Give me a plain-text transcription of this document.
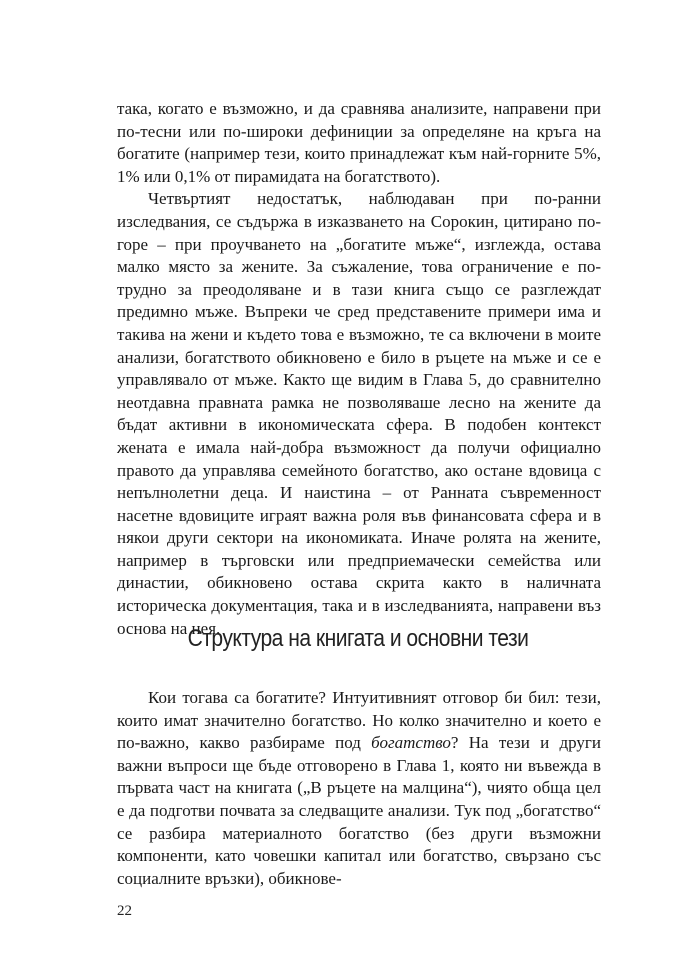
така, когато е възможно, и да сравнява анализите, направени при по-тесни или по-широки дефиниции за определяне на кръга на богатите (например тези, които принадлежат към най-горните 5%, 1% или 0,1% от пирамидата на богатството).

Четвъртият недостатък, наблюдаван при по-ранни изследвания, се съдържа в изказването на Сорокин, цитирано по-горе – при проучването на „богатите мъже“, изглежда, остава малко място за жените. За съжаление, това ограничение е по-трудно за преодоляване и в тази книга също се разглеждат предимно мъже. Въпреки че сред представените примери има и такива на жени и където това е възможно, те са включени в моите анализи, богатството обикновено е било в ръцете на мъже и се е управлявало от мъже. Както ще видим в Глава 5, до сравнително неотдавна правната рамка не позволяваше лесно на жените да бъдат активни в икономическата сфера. В подобен контекст жената е имала най-добра възможност да получи официално правото да управлява семейното богатство, ако остане вдовица с непълнолетни деца. И наистина – от Ранната съвременност насетне вдовиците играят важна роля във финансовата сфера и в някои други сектори на икономиката. Иначе ролята на жените, например в търговски или предприемачески семейства или династии, обикновено остава скрита както в наличната историческа документация, така и в изследванията, направени въз основа на нея.

Структура на книгата и основни тези

Кои тогава са богатите? Интуитивният отговор би бил: тези, които имат значително богатство. Но колко значително и което е по-важно, какво разбираме под богатство? На тези и други важни въпроси ще бъде отговорено в Глава 1, която ни въвежда в първата част на книгата („В ръцете на малцина“), чиято обща цел е да подготви почвата за следващите анализи. Тук под „богатство“ се разбира материалното богатство (без други възможни компоненти, като човешки капитал или богатство, свързано със социалните връзки), обикнове-

22
